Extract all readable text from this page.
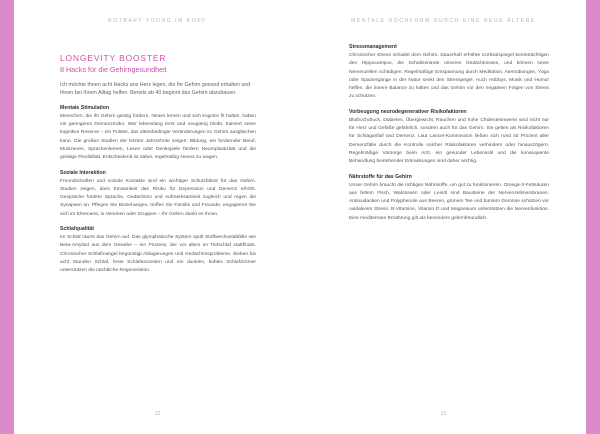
ROTBART YOUNG IM KOPF
LONGEVITY BOOSTER
8 Hacks für die Gehirngesundheit

Ich möchte Ihnen acht Hacks ans Herz legen, die Ihr Gehirn gesund erhalten und Ihnen bei Ihrem Alltag helfen. Bereits ab 40 beginnt das Gehirn abzubauen.

Mentale Stimulation

Menschen, die ihr Gehirn geistig fordern, Neues lernen und sich kognitiv fit halten, haben ein geringeres Demenzrisiko. Wer lebenslang lernt und neugierig bleibt, trainiert seine kognitive Reserve – ein Polster, das altersbedingte Veränderungen im Gehirn ausgleichen kann. Die großen Studien der letzten Jahrzehnte zeigen: Bildung, ein fordernder Beruf, Musizieren, Sprachenlernen, Lesen oder Denkspiele fördern Neuroplastizität und die geistige Flexibilität. Entscheidend ist dabei, regelmäßig Neues zu wagen.

Soziale Interaktion

Freundschaften und soziale Kontakte sind ein wichtiger Schutzfaktor für das Gehirn. Studien zeigen, dass Einsamkeit das Risiko für Depression und Demenz erhöht. Gespräche fordern Sprache, Gedächtnis und Aufmerksamkeit zugleich und regen die Synapsen an. Pflegen Sie Beziehungen, treffen Sie Familie und Freunde, engagieren Sie sich im Ehrenamt, in Vereinen oder Gruppen – Ihr Gehirn dankt es Ihnen.

Schlafqualität

Im Schlaf räumt das Gehirn auf. Das glymphatische System spült Stoffwechselabfälle wie Beta-Amyloid aus dem Gewebe – ein Prozess, der vor allem im Tiefschlaf stattfindet. Chronischer Schlafmangel begünstigt Ablagerungen und Gedächtnisprobleme. Sieben bis acht Stunden Schlaf, feste Schlafenszeiten und ein dunkles, kühles Schlafzimmer unterstützen die nächtliche Regeneration.

22
MENTALE HOCHFORM DURCH EINE NEUE ÄLTERE
Stressmanagement

Chronischer Stress schadet dem Gehirn. Dauerhaft erhöhte Cortisolspiegel beeinträchtigen den Hippocampus, die Schaltzentrale unseres Gedächtnisses, und können seine Nervenzellen schädigen. Regelmäßige Entspannung durch Meditation, Atemübungen, Yoga oder Spaziergänge in der Natur senkt den Stresspegel. Auch Hobbys, Musik und Humor helfen, die innere Balance zu halten und das Gehirn vor den negativen Folgen von Stress zu schützen.

Vorbeugung neurodegenerativer Risikofaktoren

Bluthochdruck, Diabetes, Übergewicht, Rauchen und hohe Cholesterinwerte sind nicht nur für Herz und Gefäße gefährlich, sondern auch für das Gehirn. Sie gelten als Risikofaktoren für Schlaganfall und Demenz. Laut Lancet-Kommission ließen sich rund 40 Prozent aller Demenzfälle durch die Kontrolle solcher Risikofaktoren verhindern oder hinauszögern. Regelmäßige Vorsorge beim Arzt, ein gesunder Lebensstil und die konsequente Behandlung bestehender Erkrankungen sind daher wichtig.

Nährstoffe für das Gehirn

Unser Gehirn braucht die richtigen Nährstoffe, um gut zu funktionieren. Omega-3-Fettsäuren aus fettem Fisch, Walnüssen oder Leinöl sind Bausteine der Nervenzellmembranen. Antioxidantien und Polyphenole aus Beeren, grünem Tee und buntem Gemüse schützen vor oxidativem Stress. B-Vitamine, Vitamin D und Magnesium unterstützen die Nervenfunktion. Eine mediterrane Ernährung gilt als besonders gehirnfreundlich.

23
